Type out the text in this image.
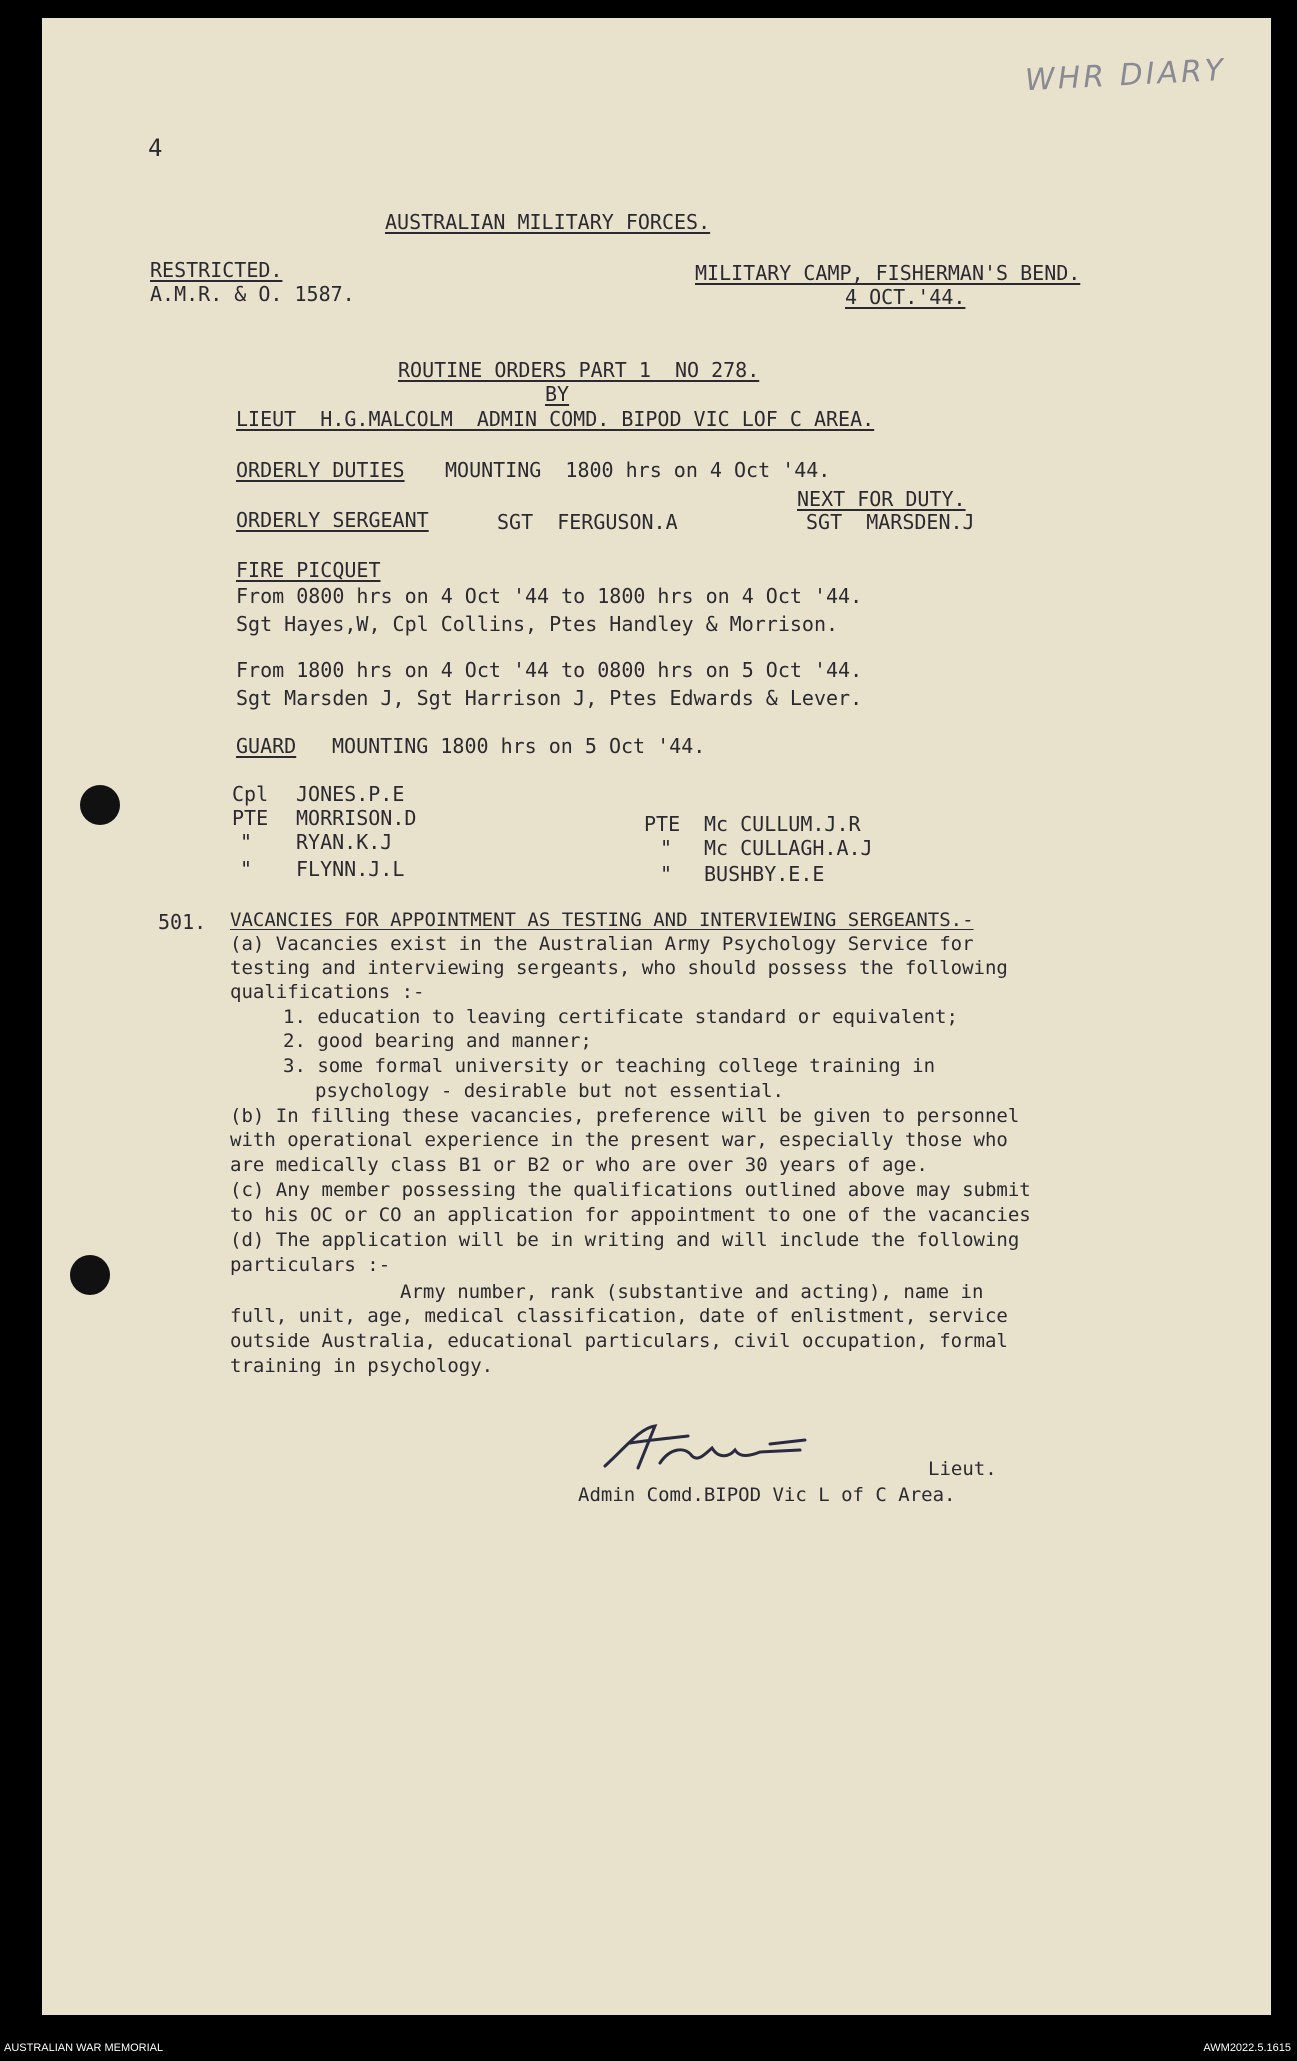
WHR DIARY
4
AUSTRALIAN MILITARY FORCES.
RESTRICTED.
A.M.R. & O. 1587.
MILITARY CAMP, FISHERMAN'S BEND.
4 OCT.'44.
ROUTINE ORDERS PART 1  NO 278.
BY
LIEUT  H.G.MALCOLM  ADMIN COMD. BIPOD VIC LOF C AREA.
ORDERLY DUTIES MOUNTING  1800 hrs on 4 Oct '44.
NEXT FOR DUTY.
ORDERLY SERGEANT	SGT  FERGUSON.A	SGT  MARSDEN.J
FIRE PICQUET
From 0800 hrs on 4 Oct '44 to 1800 hrs on 4 Oct '44.
Sgt Hayes,W, Cpl Collins, Ptes Handley & Morrison.
From 1800 hrs on 4 Oct '44 to 0800 hrs on 5 Oct '44.
Sgt Marsden J, Sgt Harrison J, Ptes Edwards & Lever.
GUARD MOUNTING 1800 hrs on 5 Oct '44.
Cpl JONES.P.E
PTE MORRISON.D
" RYAN.K.J
" FLYNN.J.L
PTE Mc CULLUM.J.R
" Mc CULLAGH.A.J
" BUSHBY.E.E
501. VACANCIES FOR APPOINTMENT AS TESTING AND INTERVIEWING SERGEANTS.-
(a) Vacancies exist in the Australian Army Psychology Service for
testing and interviewing sergeants, who should possess the following
qualifications :-
1. education to leaving certificate standard or equivalent;
2. good bearing and manner;
3. some formal university or teaching college training in
psychology - desirable but not essential.
(b) In filling these vacancies, preference will be given to personnel
with operational experience in the present war, especially those who
are medically class B1 or B2 or who are over 30 years of age.
(c) Any member possessing the qualifications outlined above may submit
to his OC or CO an application for appointment to one of the vacancies
(d) The application will be in writing and will include the following
particulars :-
Army number, rank (substantive and acting), name in
full, unit, age, medical classification, date of enlistment, service
outside Australia, educational particulars, civil occupation, formal
training in psychology.
Lieut.
Admin Comd.BIPOD Vic L of C Area.
AUSTRALIAN WAR MEMORIAL	AWM2022.5.1615
